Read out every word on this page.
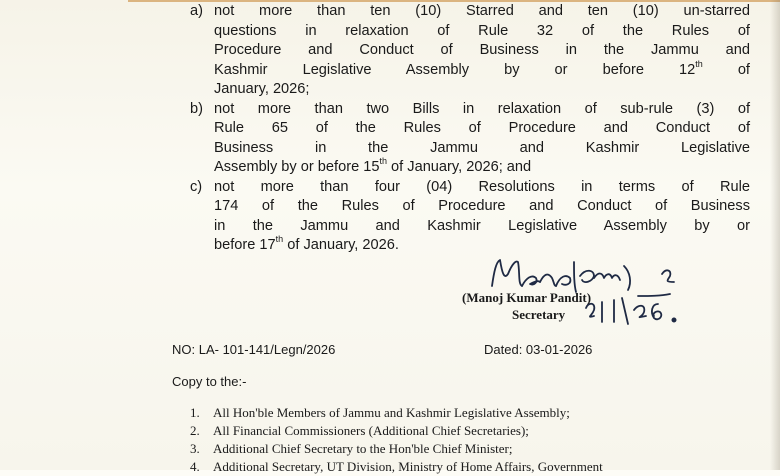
a) not more than ten (10) Starred and ten (10) un-starred
questions in relaxation of Rule 32 of the Rules of
Procedure and Conduct of Business in the Jammu and
Kashmir Legislative Assembly by or before 12th of
January, 2026;
b) not more than two Bills in relaxation of sub-rule (3) of
Rule 65 of the Rules of Procedure and Conduct of
Business in the Jammu and Kashmir Legislative
Assembly by or before 15th of January, 2026; and
c) not more than four (04) Resolutions in terms of Rule
174 of the Rules of Procedure and Conduct of Business
in the Jammu and Kashmir Legislative Assembly by or
before 17th of January, 2026.
(Manoj Kumar Pandit)
Secretary
NO: LA- 101-141/Legn/2026	Dated: 03-01-2026
Copy to the:-
1.	All Hon'ble Members of Jammu and Kashmir Legislative Assembly;
2.	All Financial Commissioners (Additional Chief Secretaries);
3.	Additional Chief Secretary to the Hon'ble Chief Minister;
4.	Additional Secretary, UT Division, Ministry of Home Affairs, Government
